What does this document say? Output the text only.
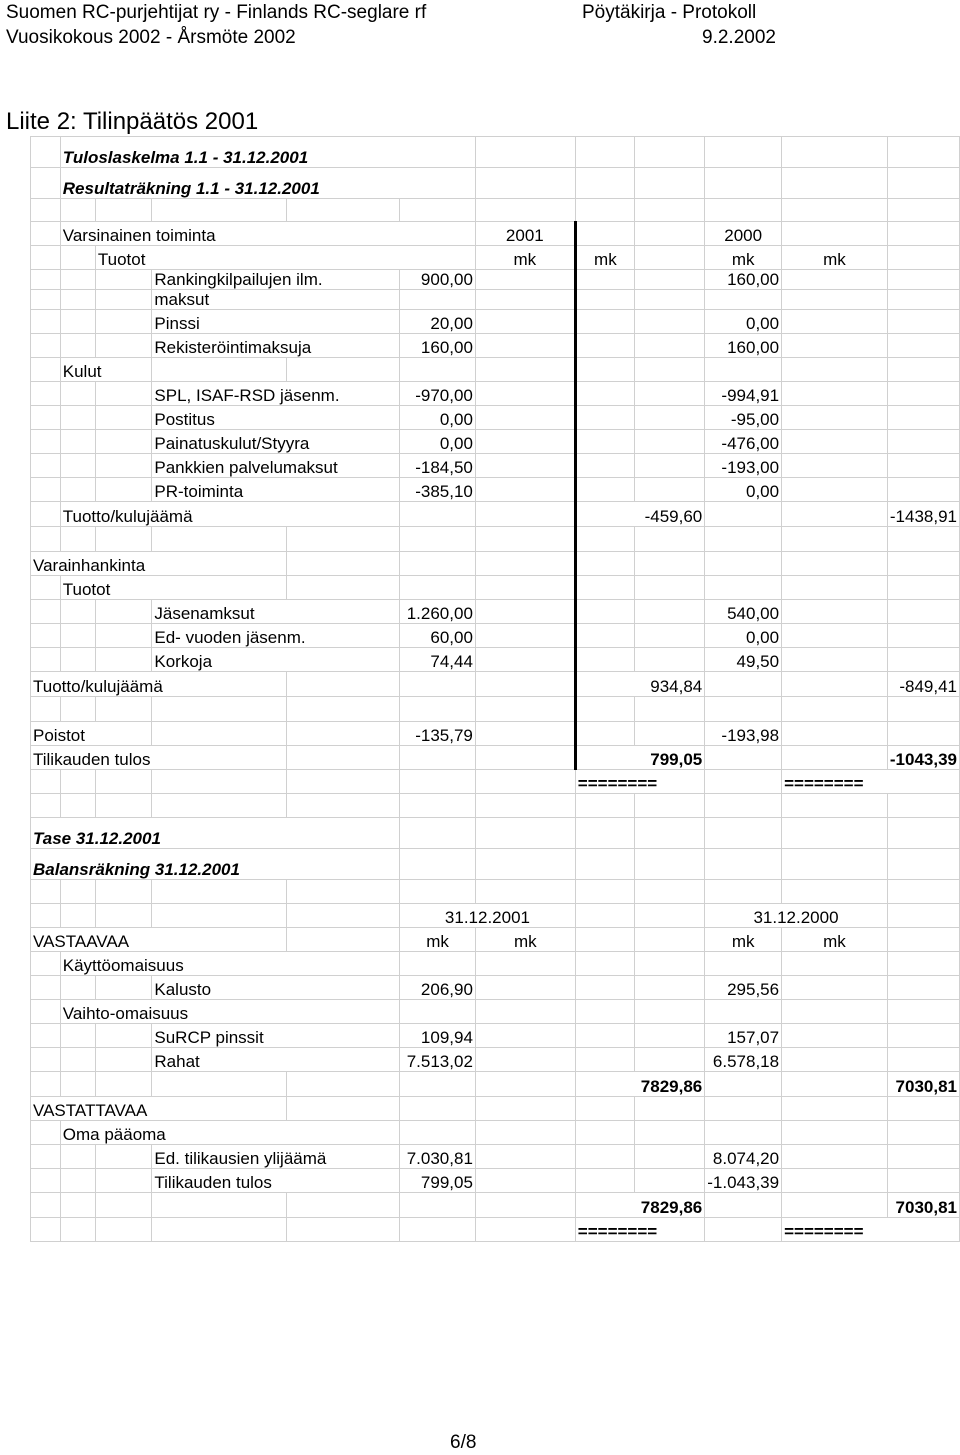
Suomen RC-purjehtijat ry - Finlands RC-seglare rf	Pöytäkirja - Protokoll
Vuosikokous 2002 - Årsmöte 2002	9.2.2002
Liite 2: Tilinpäätös 2001
	Tuloslaskelma 1.1 - 31.12.2001										
	Resultaträkning 1.1 - 31.12.2001										

	Varsinainen toiminta					2001			2000		
		Tuotot				mk	mk		mk	mk	
			Rankingkilpailujen ilm.		900,00				160,00		
			maksut								
			Pinssi		20,00				0,00		
			Rekisteröintimaksuja		160,00				160,00		
	Kulut										
			SPL, ISAF-RSD jäsenm.		-970,00				-994,91		
			Postitus		0,00				-95,00		
			Painatuskulut/Styyra		0,00				-476,00		
			Pankkien palvelumaksut		-184,50				-193,00		
			PR-toiminta		-385,10				0,00		
	Tuotto/kulujäämä						-459,60				-1438,91

Varainhankinta											
	Tuotot										
			Jäsenamksut		1.260,00				540,00		
			Ed- vuoden jäsenm.		60,00				0,00		
			Korkoja		74,44				49,50		
Tuotto/kulujäämä							934,84				-849,41

Poistot					-135,79				-193,98		
Tilikauden tulos							799,05				-1043,39
							========			========	

Tase 31.12.2001											
Balansräkning 31.12.2001											

					31.12.2001				31.12.2000		
VASTAAVAA					mk	mk			mk	mk	
	Käyttöomaisuus										
			Kalusto		206,90				295,56		
	Vaihto-omaisuus										
			SuRCP pinssit		109,94				157,07		
			Rahat		7.513,02				6.578,18		
							7829,86				7030,81
VASTATTAVAA											
	Oma pääoma										
			Ed. tilikausien ylijäämä		7.030,81				8.074,20		
			Tilikauden tulos		799,05				-1.043,39		
							7829,86				7030,81
							========			========	
6/8
